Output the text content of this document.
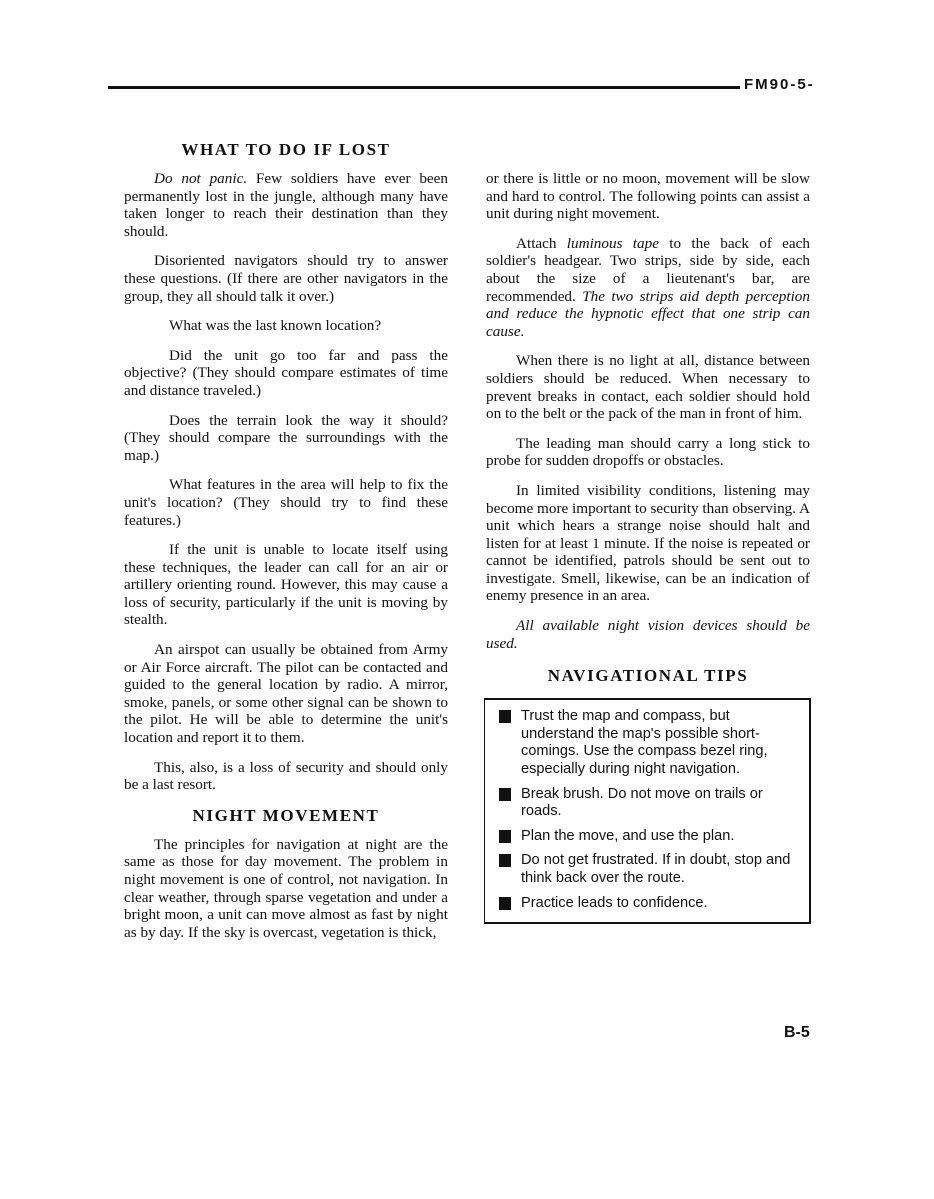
FM90-5-
WHAT TO DO IF LOST

Do not panic. Few soldiers have ever been permanently lost in the jungle, although many have taken longer to reach their destination than they should.

Disoriented navigators should try to answer these questions. (If there are other navigators in the group, they all should talk it over.)

What was the last known location?

Did the unit go too far and pass the objective? (They should compare estimates of time and distance traveled.)

Does the terrain look the way it should? (They should compare the surroundings with the map.)

What features in the area will help to fix the unit's location? (They should try to find these features.)

If the unit is unable to locate itself using these techniques, the leader can call for an air or artillery orienting round. However, this may cause a loss of security, particularly if the unit is moving by stealth.

An airspot can usually be obtained from Army or Air Force aircraft. The pilot can be contacted and guided to the general location by radio. A mirror, smoke, panels, or some other signal can be shown to the pilot. He will be able to determine the unit's location and report it to them.

This, also, is a loss of security and should only be a last resort.

NIGHT MOVEMENT

The principles for navigation at night are the same as those for day movement. The problem in night movement is one of control, not navigation. In clear weather, through sparse vegetation and under a bright moon, a unit can move almost as fast by night as by day. If the sky is overcast, vegetation is thick,

or there is little or no moon, movement will be slow and hard to control. The following points can assist a unit during night movement.

Attach luminous tape to the back of each soldier's headgear. Two strips, side by side, each about the size of a lieutenant's bar, are recommended. The two strips aid depth perception and reduce the hypnotic effect that one strip can cause.

When there is no light at all, distance between soldiers should be reduced. When necessary to prevent breaks in contact, each soldier should hold on to the belt or the pack of the man in front of him.

The leading man should carry a long stick to probe for sudden dropoffs or obstacles.

In limited visibility conditions, listening may become more important to security than observing. A unit which hears a strange noise should halt and listen for at least 1 minute. If the noise is repeated or cannot be identified, patrols should be sent out to investigate. Smell, likewise, can be an indication of enemy presence in an area.

All available night vision devices should be used.

NAVIGATIONAL TIPS
Trust the map and compass, but understand the map's possible short-comings. Use the compass bezel ring, especially during night navigation.
Break brush. Do not move on trails or roads.
Plan the move, and use the plan.
Do not get frustrated. If in doubt, stop and think back over the route.
Practice leads to confidence.
B-5
